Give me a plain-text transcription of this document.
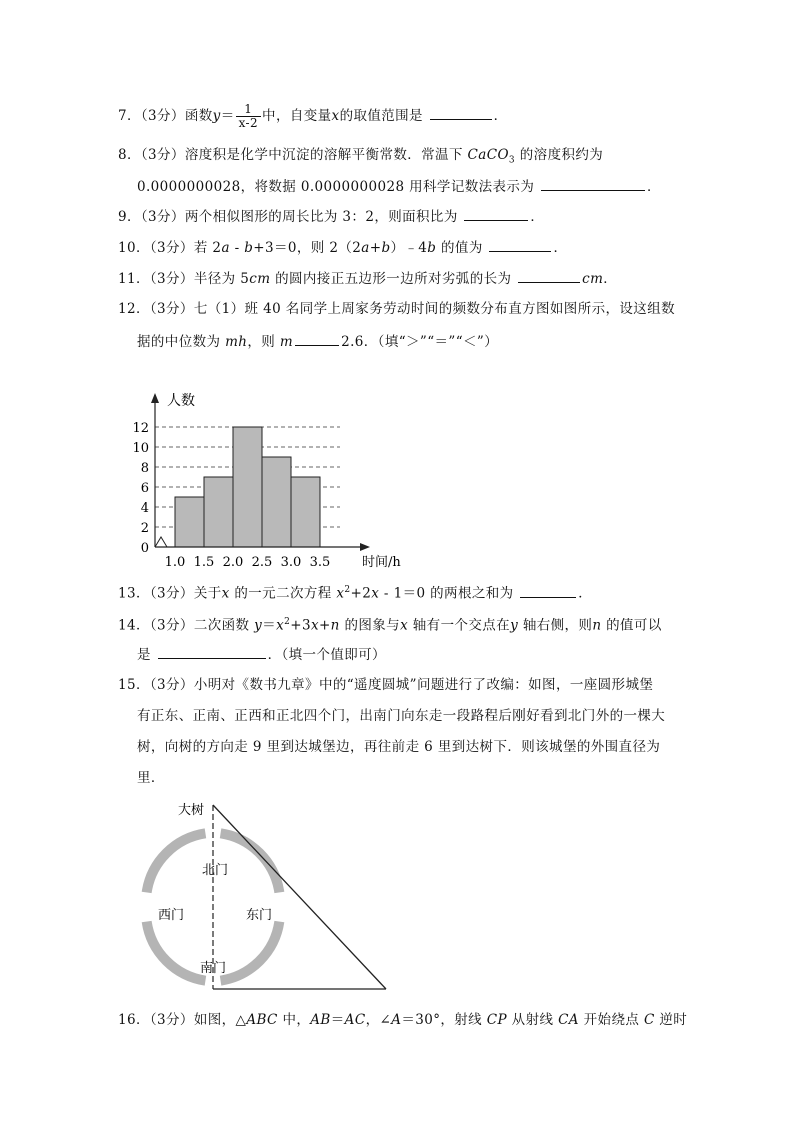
7．（3分）函数$y= \frac{1}{x-2}$ 中，自变量x的取值范围是	．
8．（3分）溶度积是化学中沉淀的溶解平衡常数．常温下 CaCO$_3$ 的溶度积约为
0.0000000028，将数据 0.0000000028 用科学记数法表示为	．
9．（3分）两个相似图形的周长比为 3：2，则面积比为	．
10．（3分）若 2a - b+3＝0，则 2（2a+b）﹣4b 的值为	．
11．（3分）半径为 5cm 的圆内接正五边形一边所对劣弧的长为	cm．
12．（3分）七（1）班 40 名同学上周家务劳动时间的频数分布直方图如图所示，设这组数
据的中位数为 mh，则 m	2.6．（填“＞”“＝”“＜”）
0
2
4
6
8
10
12
1.0 1.5 2.0 2.5 3.0 3.5
人数
时间/h
13．（3分）关于x 的一元二次方程 $x^2+2x - 1=0$ 的两根之和为	．
14．（3分）二次函数 $y=x^2+3x+n$ 的图象与x 轴有一个交点在y 轴右侧，则n 的值可以
是	．（填一个值即可）
15．（3分）小明对《数书九章》中的“遥度圆城”问题进行了改编：如图，一座圆形城堡
有正东、正南、正西和正北四个门，出南门向东走一段路程后刚好看到北门外的一棵大
树，向树的方向走 9 里到达城堡边，再往前走 6 里到达树下．则该城堡的外围直径为
里．
大树
北门
南门
西门	东门
16．（3分）如图，△ABC 中，AB＝AC，∠A＝30°，射线 CP 从射线 CA 开始绕点 C 逆时
